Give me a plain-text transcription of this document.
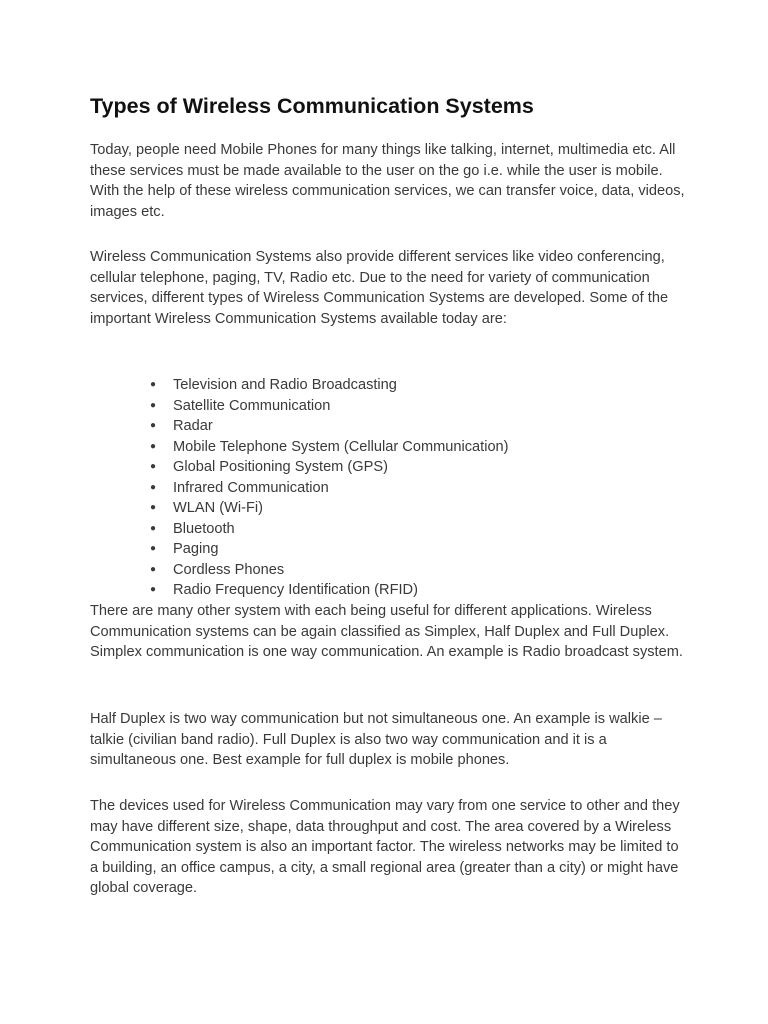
Types of Wireless Communication Systems

Today, people need Mobile Phones for many things like talking, internet, multimedia etc. All these services must be made available to the user on the go i.e. while the user is mobile. With the help of these wireless communication services, we can transfer voice, data, videos, images etc.

Wireless Communication Systems also provide different services like video conferencing, cellular telephone, paging, TV, Radio etc. Due to the need for variety of communication services, different types of Wireless Communication Systems are developed. Some of the important Wireless Communication Systems available today are:

● Television and Radio Broadcasting
● Satellite Communication
● Radar
● Mobile Telephone System (Cellular Communication)
● Global Positioning System (GPS)
● Infrared Communication
● WLAN (Wi-Fi)
● Bluetooth
● Paging
● Cordless Phones
● Radio Frequency Identification (RFID)

There are many other system with each being useful for different applications. Wireless Communication systems can be again classified as Simplex, Half Duplex and Full Duplex. Simplex communication is one way communication. An example is Radio broadcast system.

Half Duplex is two way communication but not simultaneous one. An example is walkie – talkie (civilian band radio). Full Duplex is also two way communication and it is a simultaneous one. Best example for full duplex is mobile phones.

The devices used for Wireless Communication may vary from one service to other and they may have different size, shape, data throughput and cost. The area covered by a Wireless Communication system is also an important factor. The wireless networks may be limited to a building, an office campus, a city, a small regional area (greater than a city) or might have global coverage.
